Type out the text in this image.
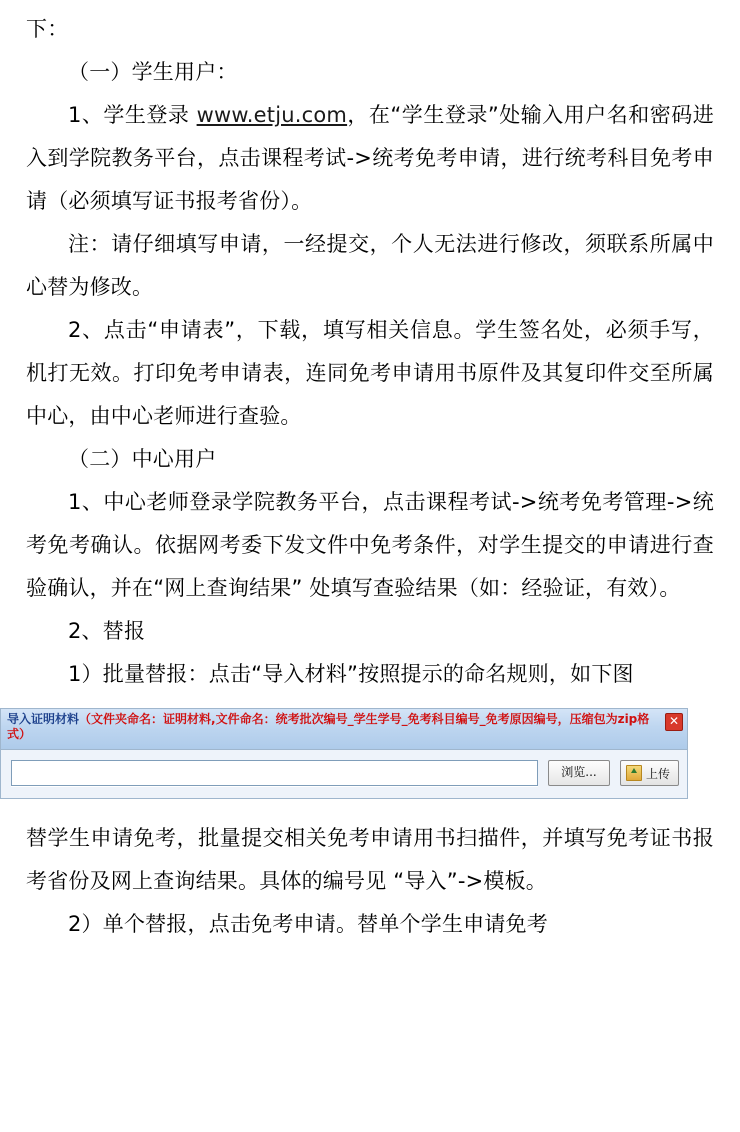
下：

（一）学生用户：

1、学生登录 www.etju.com，在“学生登录”处输入用户名和密码进入到学院教务平台，点击课程考试->统考免考申请，进行统考科目免考申请（必须填写证书报考省份）。

注：请仔细填写申请，一经提交，个人无法进行修改，须联系所属中心替为修改。

2、点击“申请表”，下载，填写相关信息。学生签名处，必须手写，机打无效。打印免考申请表，连同免考申请用书原件及其复印件交至所属中心，由中心老师进行查验。

（二）中心用户

1、中心老师登录学院教务平台，点击课程考试->统考免考管理->统考免考确认。依据网考委下发文件中免考条件，对学生提交的申请进行查验确认，并在“网上查询结果” 处填写查验结果（如：经验证，有效）。

2、替报

1）批量替报：点击“导入材料”按照提示的命名规则，如下图

导入证明材料（文件夹命名：证明材料,文件命名：统考批次编号_学生学号_免考科目编号_免考原因编号，压缩包为zip格式）
✕
浏览...	上传

替学生申请免考，批量提交相关免考申请用书扫描件，并填写免考证书报考省份及网上查询结果。具体的编号见 “导入”->模板。

2）单个替报，点击免考申请。替单个学生申请免考
